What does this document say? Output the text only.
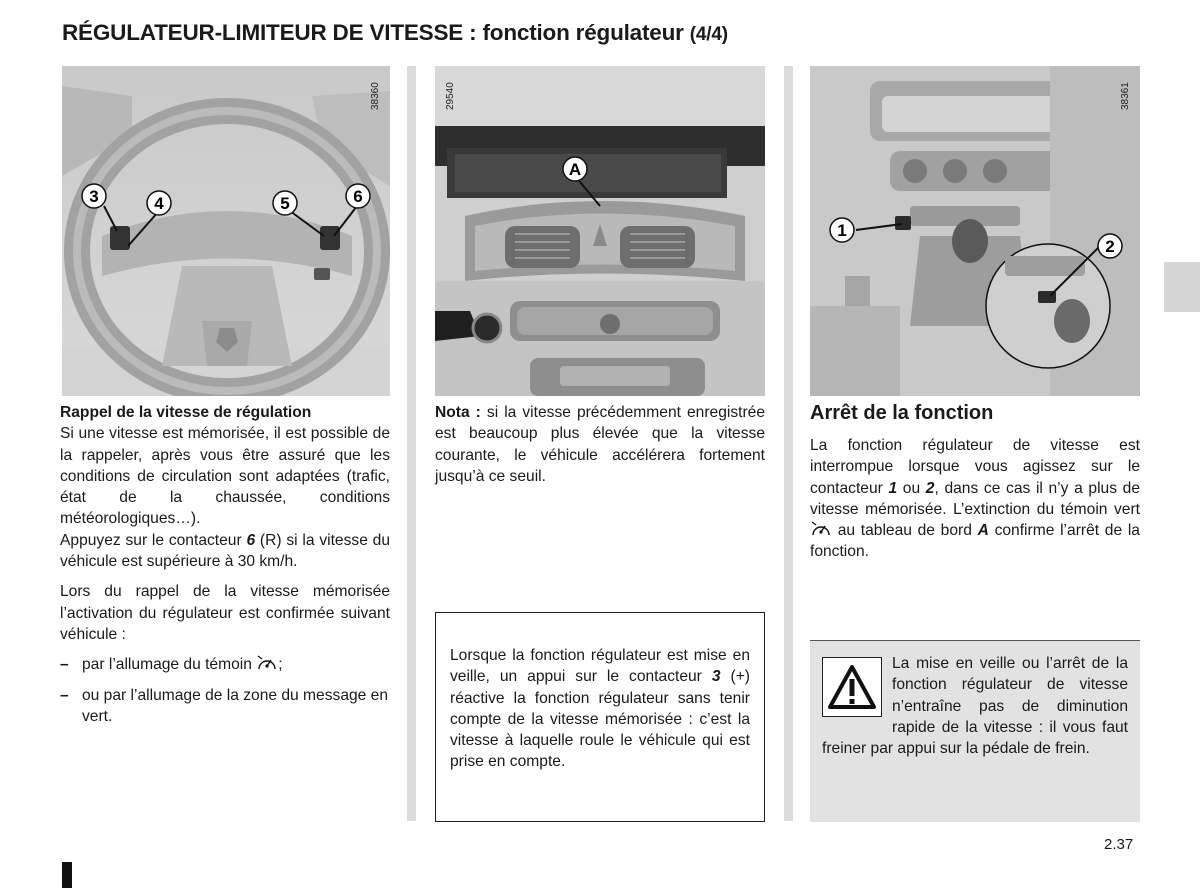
RÉGULATEUR-LIMITEUR DE VITESSE : fonction régulateur (4/4)
38360
3	4	5	6
29540
A
38361
1
2

Rappel de la vitesse de régulation

Si une vitesse est mémorisée, il est possible de la rappeler, après vous être assuré que les conditions de circulation sont adaptées (trafic, état de la chaussée, conditions météorologiques…).

Appuyez sur le contacteur 6 (R) si la vitesse du véhicule est supérieure à 30 km/h.

Lors du rappel de la vitesse mémorisée l’activation du régulateur est confirmée suivant véhicule :

– par l’allumage du témoin ;
– ou par l’allumage de la zone du message en vert.

Nota : si la vitesse précédemment enregistrée est beaucoup plus élevée que la vitesse courante, le véhicule accélérera fortement jusqu’à ce seuil.

Lorsque la fonction régulateur est mise en veille, un appui sur le contacteur 3 (+) réactive la fonction régulateur sans tenir compte de la vitesse mémorisée : c’est la vitesse à laquelle roule le véhicule qui est prise en compte.

Arrêt de la fonction

La fonction régulateur de vitesse est interrompue lorsque vous agissez sur le contacteur 1 ou 2, dans ce cas il n’y a plus de vitesse mémorisée. L’extinction du témoin vert  au tableau de bord A confirme l’arrêt de la fonction.

La mise en veille ou l’arrêt de la fonction régulateur de vitesse n’entraîne pas de diminution rapide de la vitesse : il vous faut freiner par appui sur la pédale de frein.

2.37
